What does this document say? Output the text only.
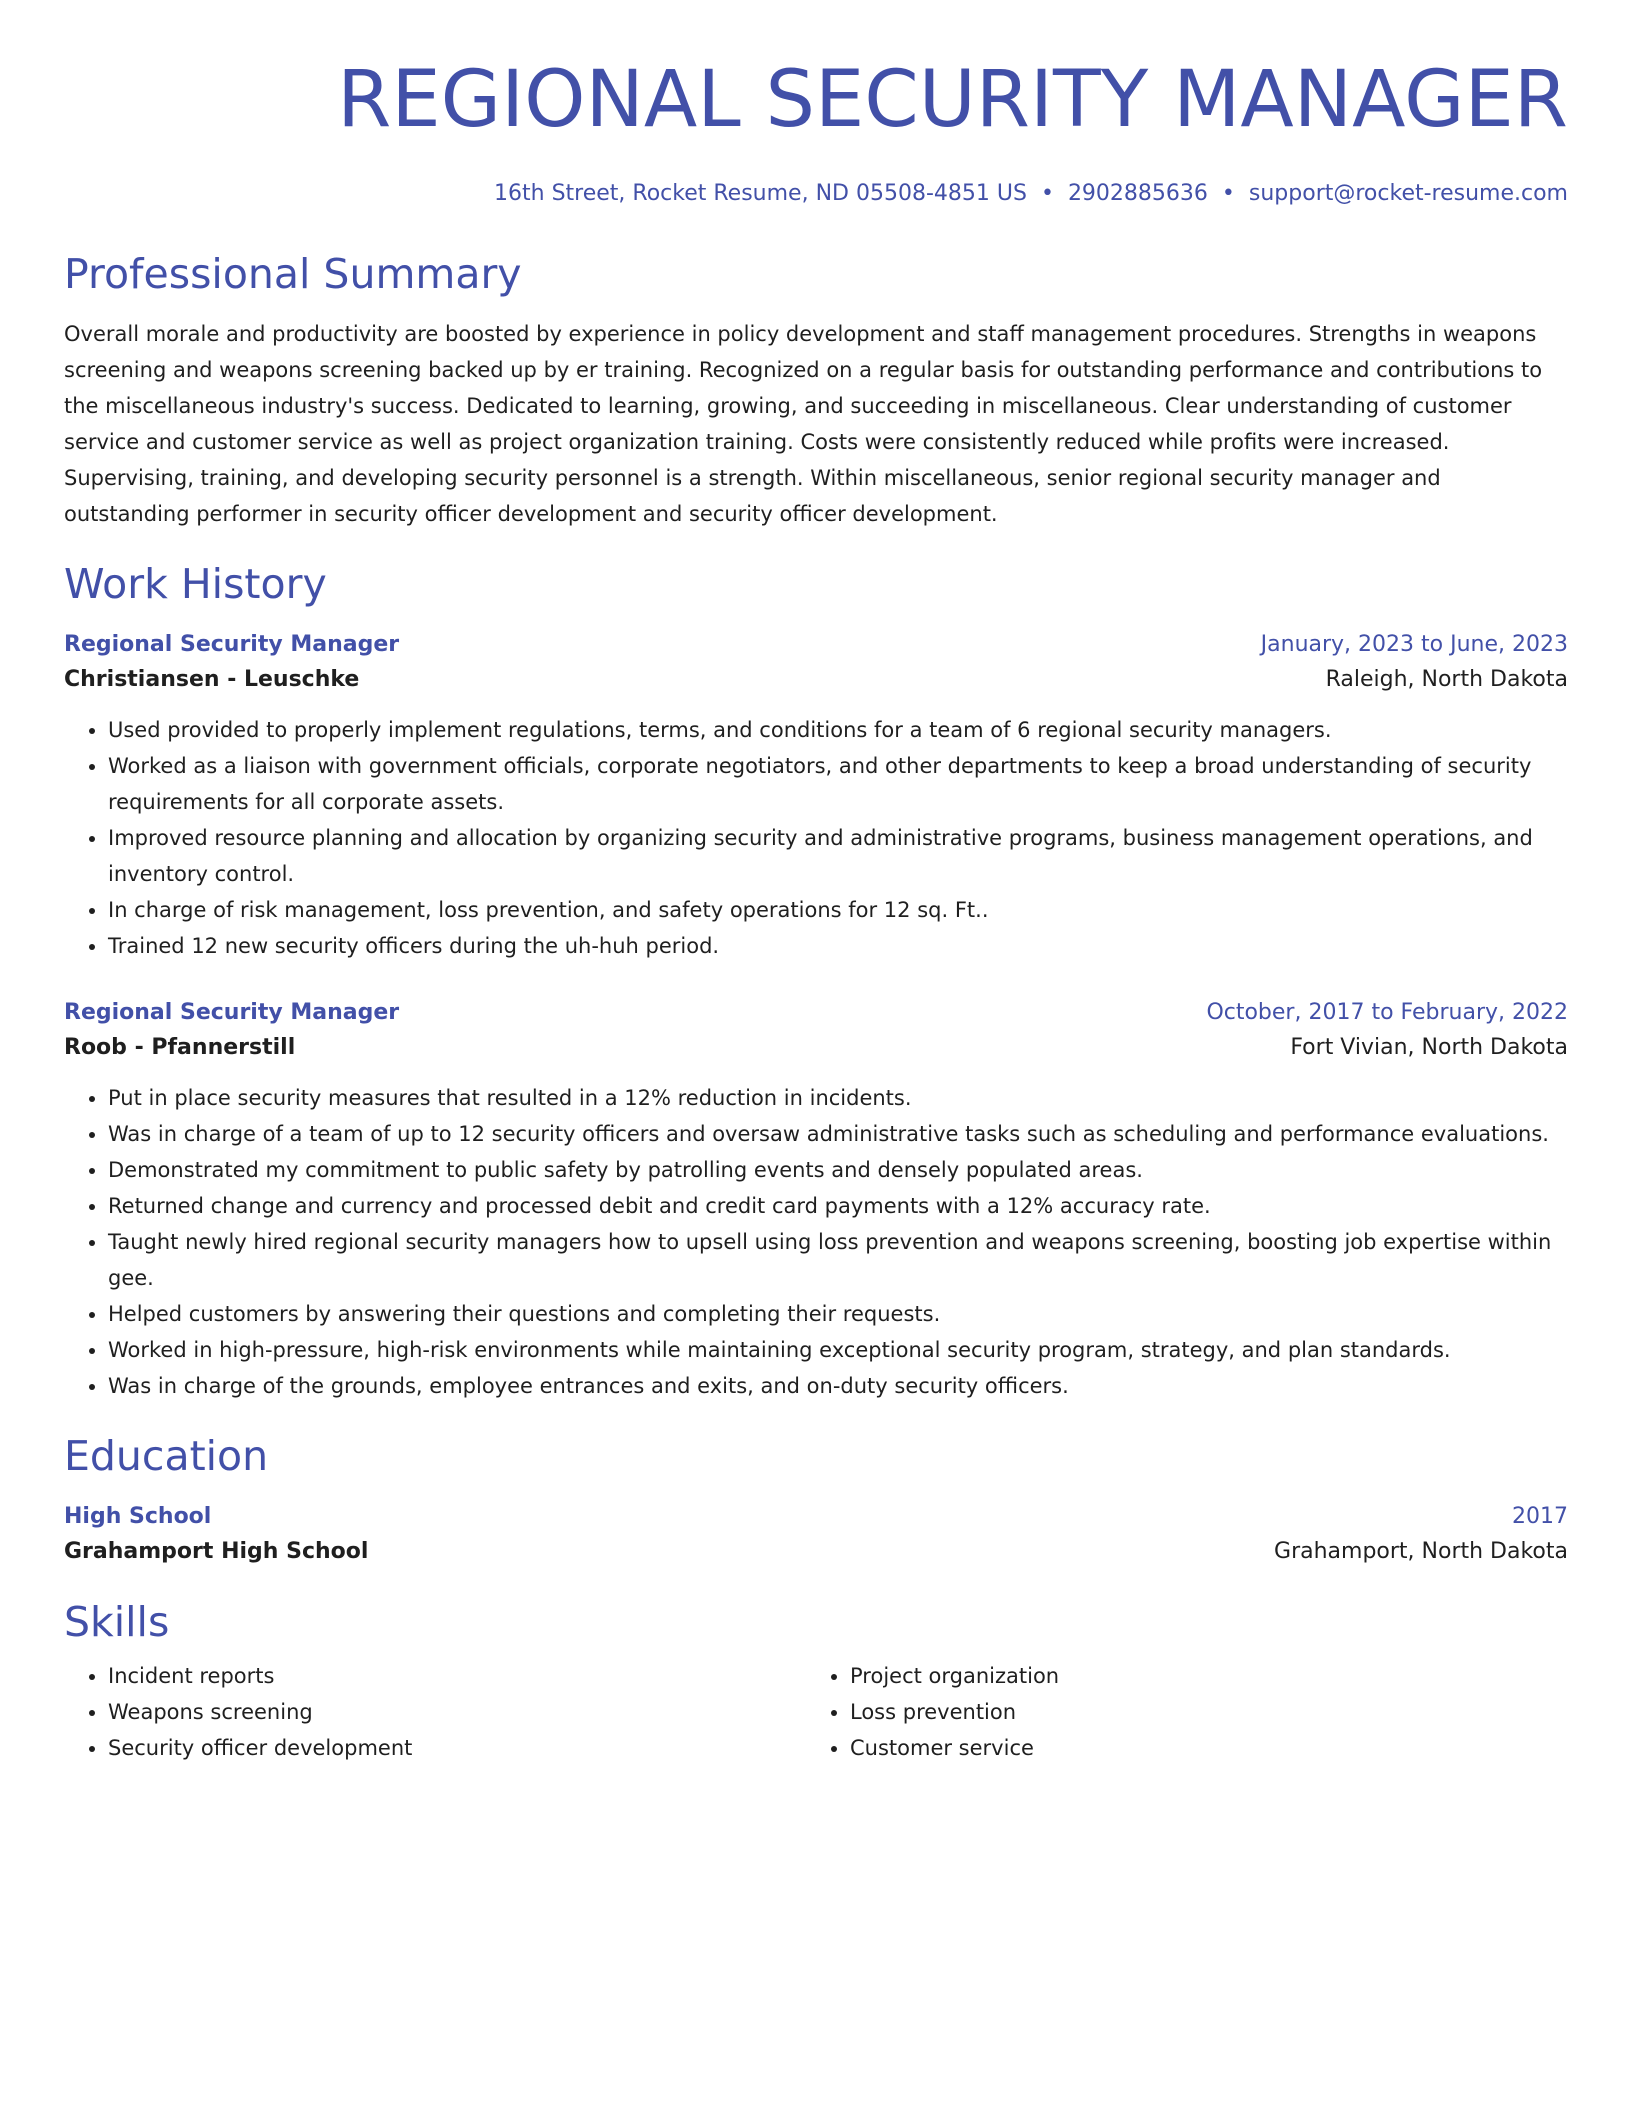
REGIONAL SECURITY MANAGER
16th Street, Rocket Resume, ND 05508-4851 US • 2902885636 • support@rocket-resume.com
Professional Summary
Overall morale and productivity are boosted by experience in policy development and staff management procedures. Strengths in weapons screening and weapons screening backed up by er training. Recognized on a regular basis for outstanding performance and contributions to the miscellaneous industry's success. Dedicated to learning, growing, and succeeding in miscellaneous. Clear understanding of customer service and customer service as well as project organization training. Costs were consistently reduced while profits were increased. Supervising, training, and developing security personnel is a strength. Within miscellaneous, senior regional security manager and outstanding performer in security officer development and security officer development.
Work History
Regional Security Manager	January, 2023 to June, 2023
Christiansen - Leuschke	Raleigh, North Dakota
• Used provided to properly implement regulations, terms, and conditions for a team of 6 regional security managers.
• Worked as a liaison with government officials, corporate negotiators, and other departments to keep a broad understanding of security requirements for all corporate assets.
• Improved resource planning and allocation by organizing security and administrative programs, business management operations, and inventory control.
• In charge of risk management, loss prevention, and safety operations for 12 sq. Ft..
• Trained 12 new security officers during the uh-huh period.
Regional Security Manager	October, 2017 to February, 2022
Roob - Pfannerstill	Fort Vivian, North Dakota
• Put in place security measures that resulted in a 12% reduction in incidents.
• Was in charge of a team of up to 12 security officers and oversaw administrative tasks such as scheduling and performance evaluations.
• Demonstrated my commitment to public safety by patrolling events and densely populated areas.
• Returned change and currency and processed debit and credit card payments with a 12% accuracy rate.
• Taught newly hired regional security managers how to upsell using loss prevention and weapons screening, boosting job expertise within gee.
• Helped customers by answering their questions and completing their requests.
• Worked in high-pressure, high-risk environments while maintaining exceptional security program, strategy, and plan standards.
• Was in charge of the grounds, employee entrances and exits, and on-duty security officers.
Education
High School	2017
Grahamport High School	Grahamport, North Dakota
Skills
• Incident reports
• Weapons screening
• Security officer development
• Project organization
• Loss prevention
• Customer service
